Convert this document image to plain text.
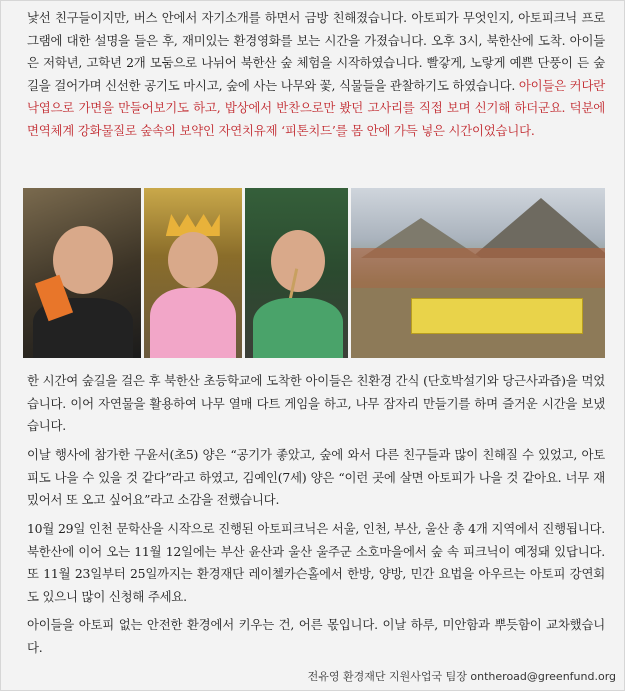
낯선 친구들이지만, 버스 안에서 자기소개를 하면서 금방 친해졌습니다. 아토피가 무엇인지, 아토피크닉 프로그램에 대한 설명을 들은 후, 재미있는 환경영화를 보는 시간을 가졌습니다. 오후 3시, 북한산에 도착. 아이들은 저학년, 고학년 2개 모둠으로 나뉘어 북한산 숲 체험을 시작하였습니다. 빨갛게, 노랗게 예쁜 단풍이 든 숲길을 걸어가며 신선한 공기도 마시고, 숲에 사는 나무와 꽃, 식물들을 관찰하기도 하였습니다. 아이들은 커다란 낙엽으로 가면을 만들어보기도 하고, 밥상에서 반찬으로만 봤던 고사리를 직접 보며 신기해 하더군요. 덕분에 면역체계 강화물질로 숲속의 보약인 자연치유제 ‘피톤치드’를 몸 안에 가득 넣은 시간이었습니다.

한 시간여 숲길을 걸은 후 북한산 초등학교에 도착한 아이들은 친환경 간식 (단호박설기와 당근사과즙)을 먹었습니다. 이어 자연물을 활용하여 나무 열매 다트 게임을 하고, 나무 잠자리 만들기를 하며 즐거운 시간을 보냈습니다.

이날 행사에 참가한 구윤서(초5) 양은 “공기가 좋았고, 숲에 와서 다른 친구들과 많이 친해질 수 있었고, 아토피도 나을 수 있을 것 같다”라고 하였고, 김예인(7세) 양은 “이런 곳에 살면 아토피가 나을 것 같아요. 너무 재밌어서 또 오고 싶어요”라고 소감을 전했습니다.

10월 29일 인천 문학산을 시작으로 진행된 아토피크닉은 서울, 인천, 부산, 울산 총 4개 지역에서 진행됩니다. 북한산에 이어 오는 11월 12일에는 부산 윤산과 울산 울주군 소호마을에서 숲 속 피크닉이 예정돼 있답니다. 또 11월 23일부터 25일까지는 환경재단 레이첼카슨홀에서 한방, 양방, 민간 요법을 아우르는 아토피 강연회도 있으니 많이 신청해 주세요.

아이들을 아토피 없는 안전한 환경에서 키우는 건, 어른 몫입니다. 이날 하루, 미안함과 뿌듯함이 교차했습니다.

전유영 환경재단 지원사업국 팀장 ontheroad@greenfund.org
